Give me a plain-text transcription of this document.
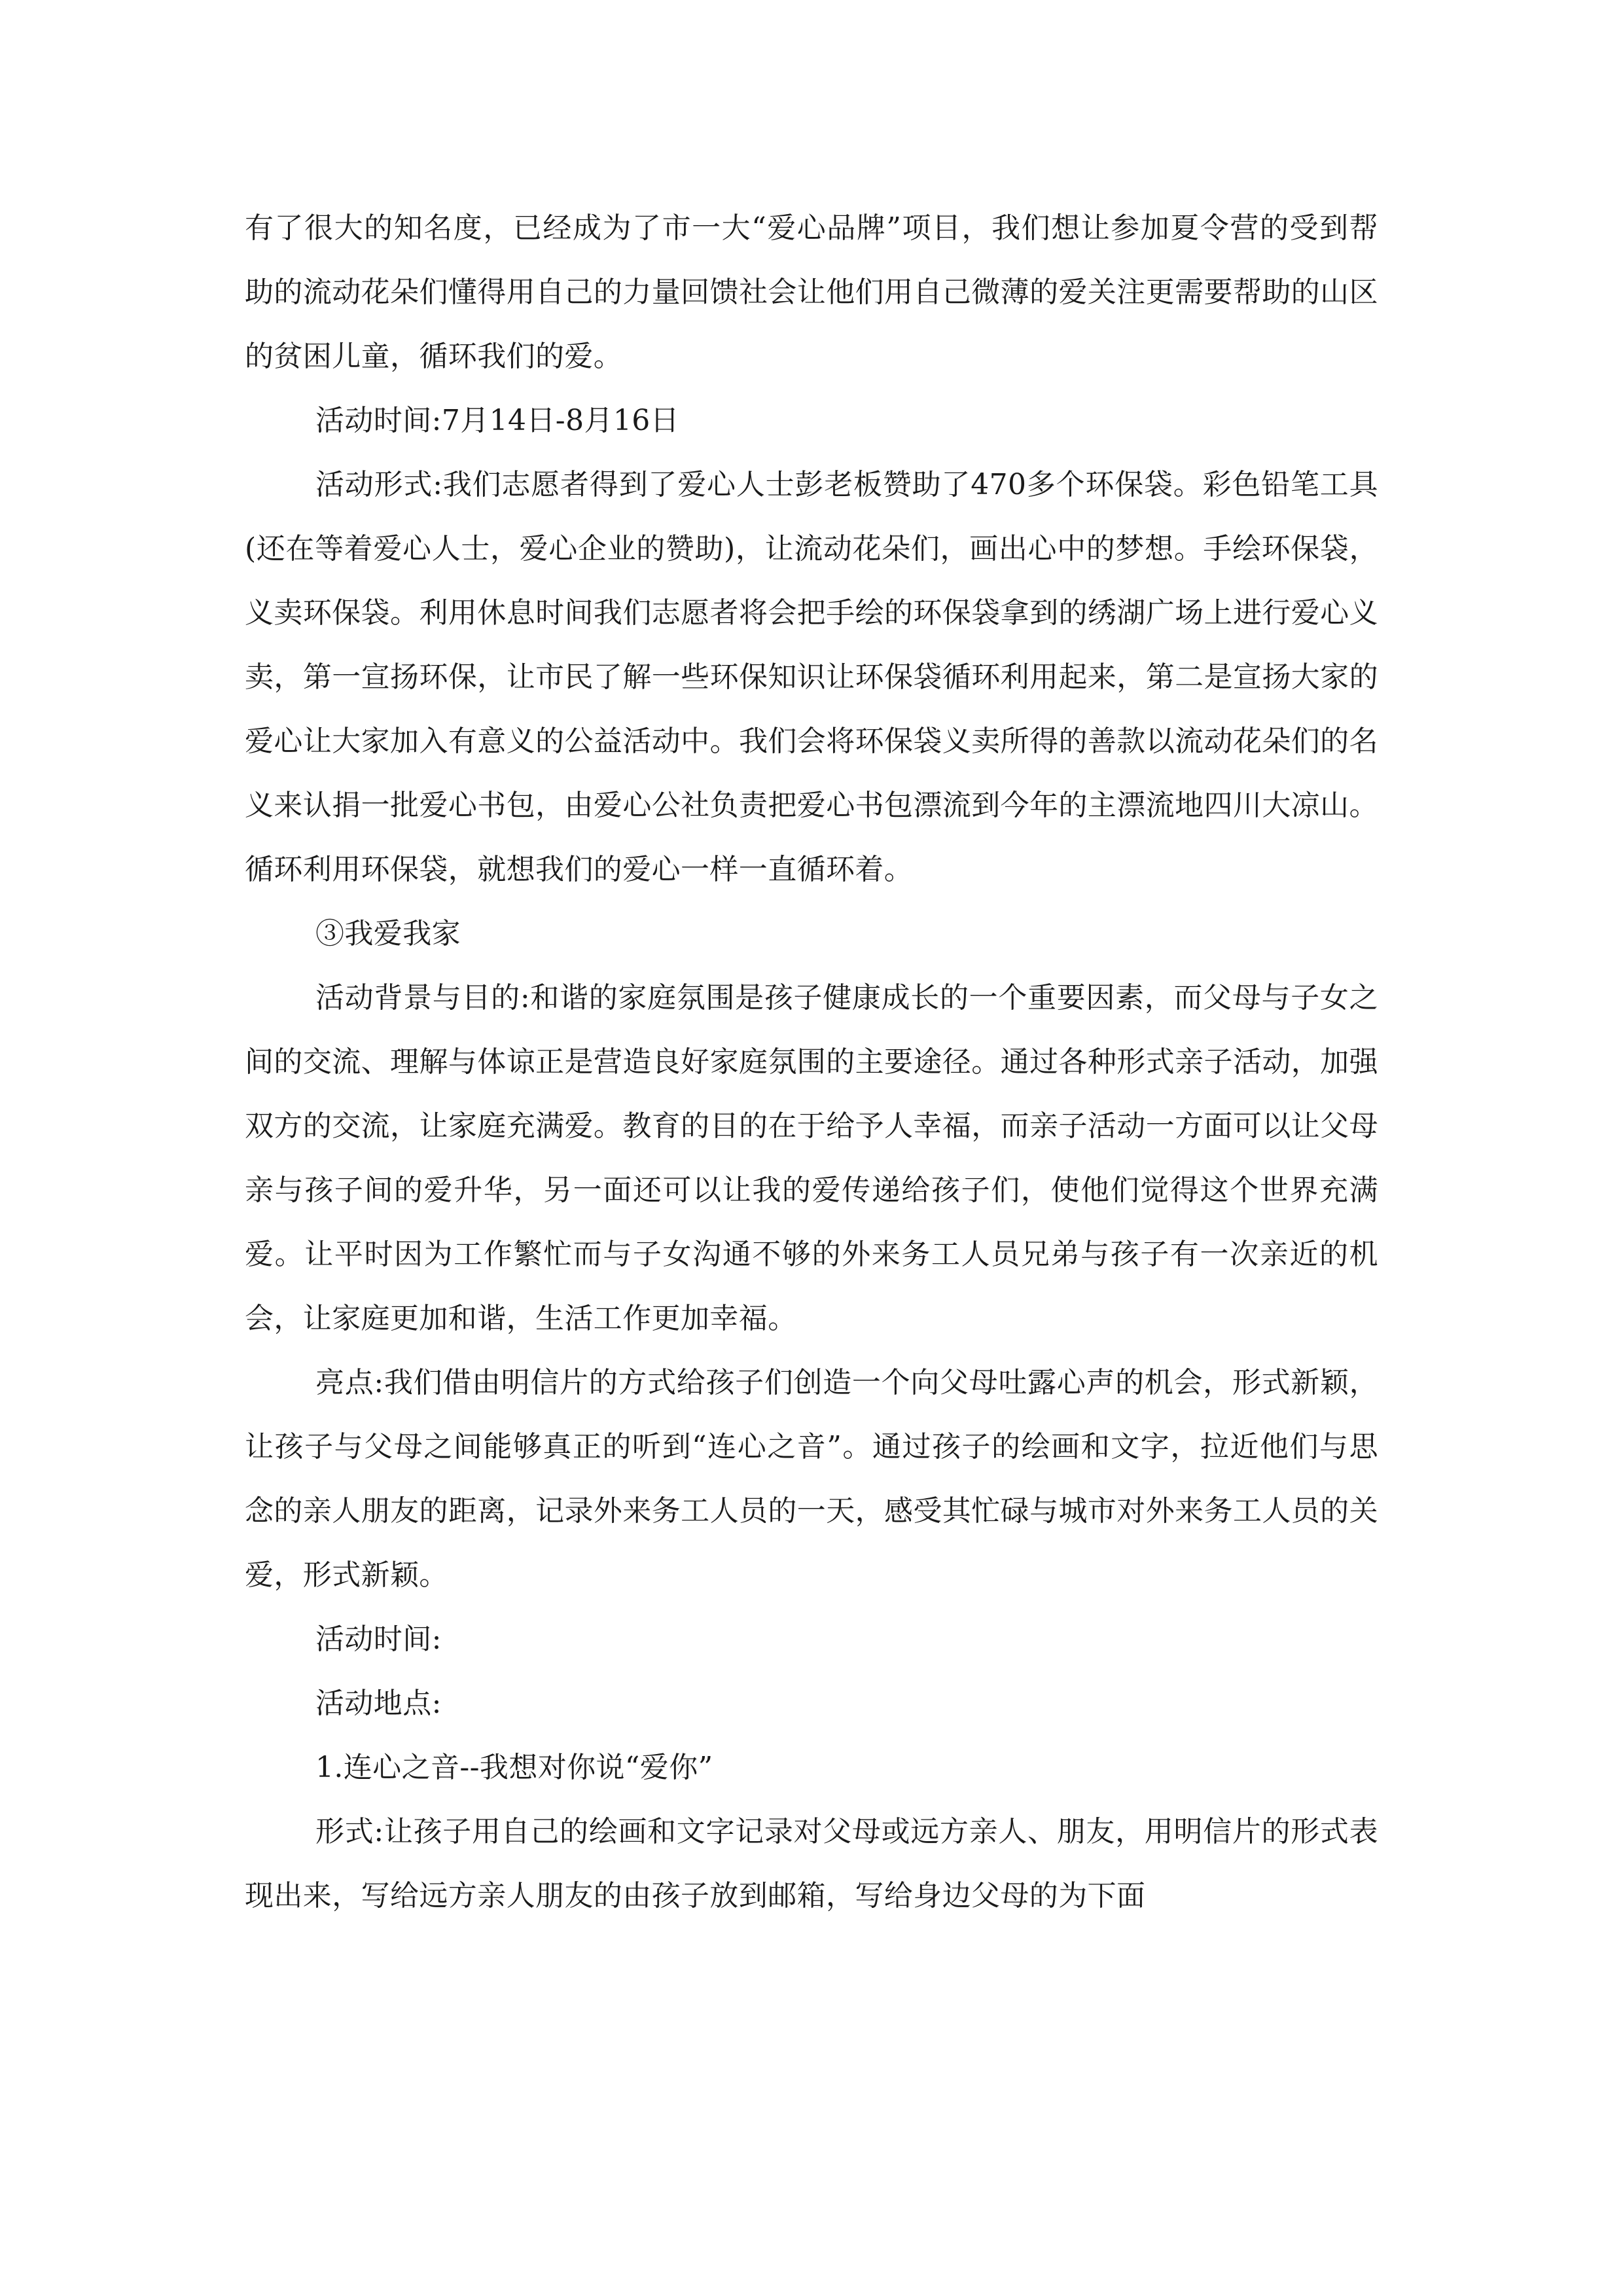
有了很大的知名度，已经成为了市一大“爱心品牌”项目，我们想让参加夏令营的受到帮助的流动花朵们懂得用自己的力量回馈社会让他们用自己微薄的爱关注更需要帮助的山区的贫困儿童，循环我们的爱。

活动时间:7月14日-8月16日

活动形式:我们志愿者得到了爱心人士彭老板赞助了470多个环保袋。彩色铅笔工具(还在等着爱心人士，爱心企业的赞助)，让流动花朵们，画出心中的梦想。手绘环保袋，义卖环保袋。利用休息时间我们志愿者将会把手绘的环保袋拿到的绣湖广场上进行爱心义卖，第一宣扬环保，让市民了解一些环保知识让环保袋循环利用起来，第二是宣扬大家的爱心让大家加入有意义的公益活动中。我们会将环保袋义卖所得的善款以流动花朵们的名义来认捐一批爱心书包，由爱心公社负责把爱心书包漂流到今年的主漂流地四川大凉山。循环利用环保袋，就想我们的爱心一样一直循环着。

③我爱我家

活动背景与目的:和谐的家庭氛围是孩子健康成长的一个重要因素，而父母与子女之间的交流、理解与体谅正是营造良好家庭氛围的主要途径。通过各种形式亲子活动，加强双方的交流，让家庭充满爱。教育的目的在于给予人幸福，而亲子活动一方面可以让父母亲与孩子间的爱升华，另一面还可以让我的爱传递给孩子们，使他们觉得这个世界充满爱。让平时因为工作繁忙而与子女沟通不够的外来务工人员兄弟与孩子有一次亲近的机会，让家庭更加和谐，生活工作更加幸福。

亮点:我们借由明信片的方式给孩子们创造一个向父母吐露心声的机会，形式新颖，让孩子与父母之间能够真正的听到“连心之音”。通过孩子的绘画和文字，拉近他们与思念的亲人朋友的距离，记录外来务工人员的一天，感受其忙碌与城市对外来务工人员的关爱，形式新颖。

活动时间:

活动地点:

1.连心之音--我想对你说“爱你”

形式:让孩子用自己的绘画和文字记录对父母或远方亲人、朋友，用明信片的形式表现出来，写给远方亲人朋友的由孩子放到邮箱，写给身边父母的为下面
